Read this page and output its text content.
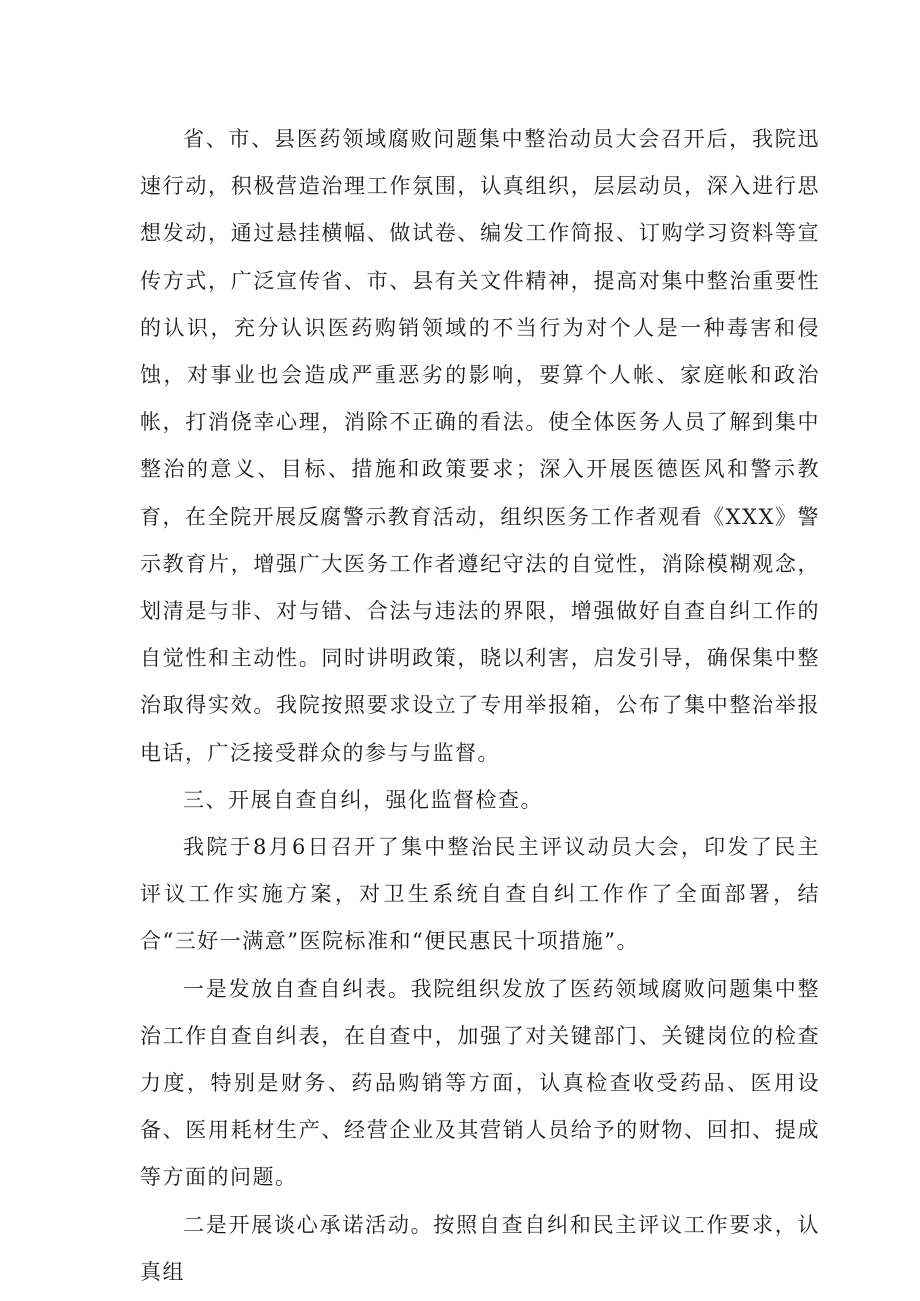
省、市、县医药领域腐败问题集中整治动员大会召开后，我院迅速行动，积极营造治理工作氛围，认真组织，层层动员，深入进行思想发动，通过悬挂横幅、做试卷、编发工作简报、订购学习资料等宣传方式，广泛宣传省、市、县有关文件精神，提高对集中整治重要性的认识，充分认识医药购销领域的不当行为对个人是一种毒害和侵蚀，对事业也会造成严重恶劣的影响，要算个人帐、家庭帐和政治帐，打消侥幸心理，消除不正确的看法。使全体医务人员了解到集中整治的意义、目标、措施和政策要求；深入开展医德医风和警示教育，在全院开展反腐警示教育活动，组织医务工作者观看《XXX》警示教育片，增强广大医务工作者遵纪守法的自觉性，消除模糊观念，划清是与非、对与错、合法与违法的界限，增强做好自查自纠工作的自觉性和主动性。同时讲明政策，晓以利害，启发引导，确保集中整治取得实效。我院按照要求设立了专用举报箱，公布了集中整治举报电话，广泛接受群众的参与与监督。

三、开展自查自纠，强化监督检查。

我院于8月6日召开了集中整治民主评议动员大会，印发了民主评议工作实施方案，对卫生系统自查自纠工作作了全面部署，结合“三好一满意”医院标准和“便民惠民十项措施”。

一是发放自查自纠表。我院组织发放了医药领域腐败问题集中整治工作自查自纠表，在自查中，加强了对关键部门、关键岗位的检查力度，特别是财务、药品购销等方面，认真检查收受药品、医用设备、医用耗材生产、经营企业及其营销人员给予的财物、回扣、提成等方面的问题。

二是开展谈心承诺活动。按照自查自纠和民主评议工作要求，认真组
